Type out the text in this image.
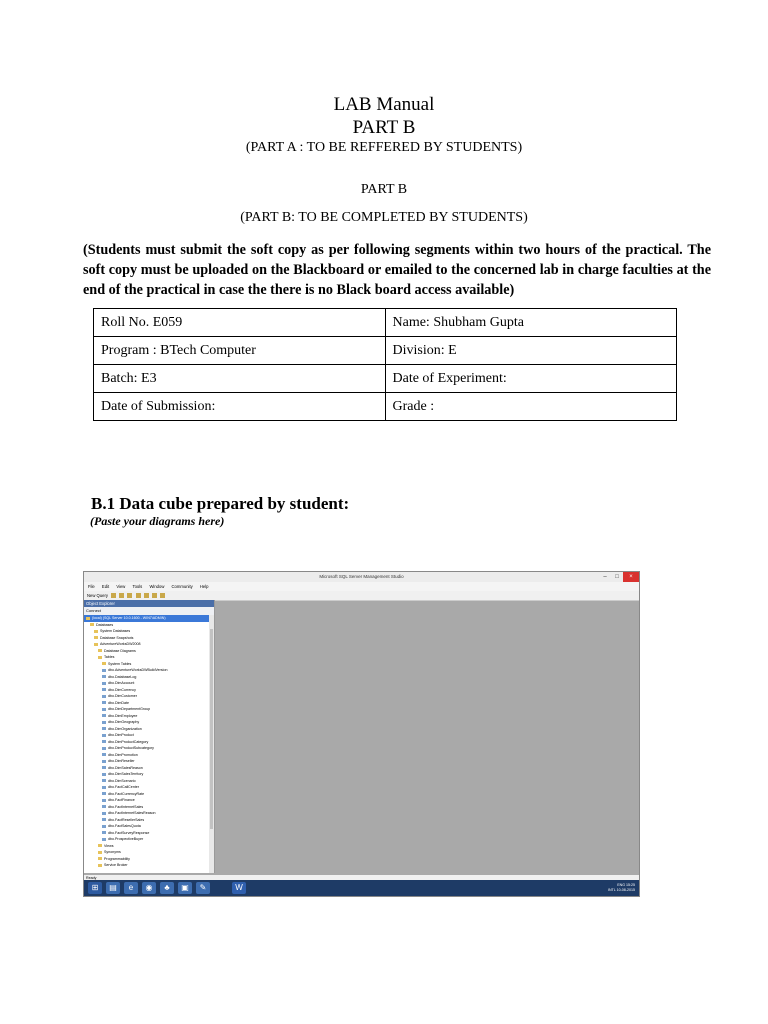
LAB Manual
PART B
(PART A : TO BE REFFERED BY STUDENTS)
PART B
(PART B: TO BE COMPLETED BY STUDENTS)
(Students must submit the soft copy as per following segments within two hours of the practical. The soft copy must be uploaded on the Blackboard or emailed to the concerned lab in charge faculties at the end of the practical in case the there is no Black board access available)
Roll No. E059	Name: Shubham Gupta
Program : BTech Computer	Division: E
Batch: E3	Date of Experiment:
Date of Submission:	Grade :
B.1 Data cube prepared by student:
(Paste your diagrams here)
Microsoft SQL Server Management Studio	–	□	×
File Edit View Tools Window Community Help
New Query
Object Explorer
Connect
(local) (SQL Server 10.0.1600 - WIN7\ADMIN)
Databases
System Databases
Database Snapshots
AdventureWorksDW2008
Database Diagrams
Tables
System Tables
dbo.AdventureWorksDWBuildVersion
dbo.DatabaseLog
dbo.DimAccount
dbo.DimCurrency
dbo.DimCustomer
dbo.DimDate
dbo.DimDepartmentGroup
dbo.DimEmployee
dbo.DimGeography
dbo.DimOrganization
dbo.DimProduct
dbo.DimProductCategory
dbo.DimProductSubcategory
dbo.DimPromotion
dbo.DimReseller
dbo.DimSalesReason
dbo.DimSalesTerritory
dbo.DimScenario
dbo.FactCallCenter
dbo.FactCurrencyRate
dbo.FactFinance
dbo.FactInternetSales
dbo.FactInternetSalesReason
dbo.FactResellerSales
dbo.FactSalesQuota
dbo.FactSurveyResponse
dbo.ProspectiveBuyer
Views
Synonyms
Programmability
Service Broker
Ready
⊞	▤	e	◉	♣	▣	✎	W	ENG 15:25
INTL 10-08-2015
